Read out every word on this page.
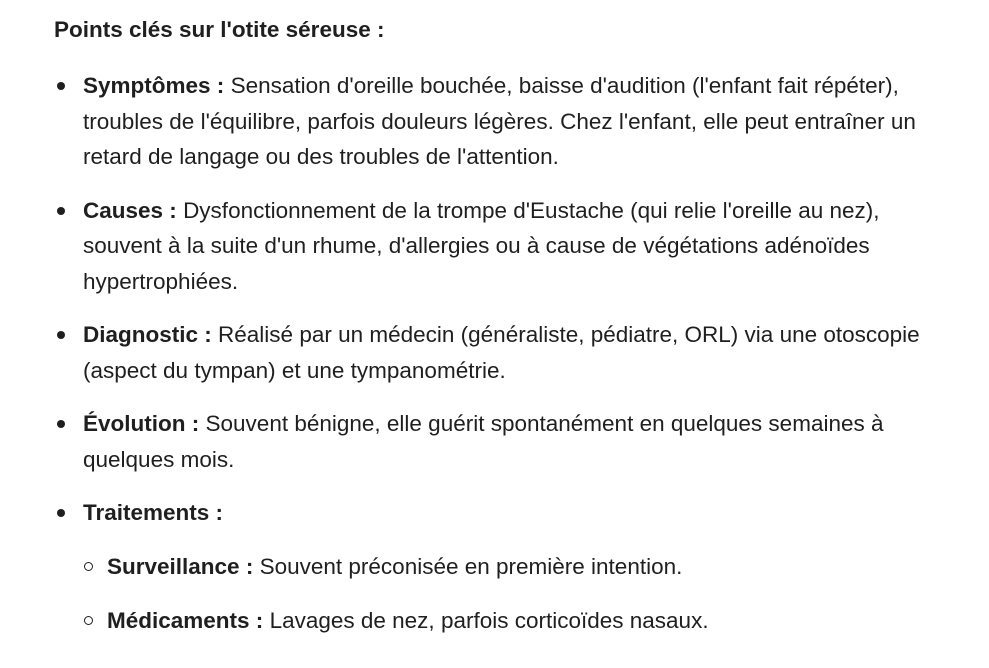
Points clés sur l'otite séreuse :
Symptômes : Sensation d'oreille bouchée, baisse d'audition (l'enfant fait répéter),
troubles de l'équilibre, parfois douleurs légères. Chez l'enfant, elle peut entraîner un
retard de langage ou des troubles de l'attention.
Causes : Dysfonctionnement de la trompe d'Eustache (qui relie l'oreille au nez),
souvent à la suite d'un rhume, d'allergies ou à cause de végétations adénoïdes
hypertrophiées.
Diagnostic : Réalisé par un médecin (généraliste, pédiatre, ORL) via une otoscopie
(aspect du tympan) et une tympanométrie.
Évolution : Souvent bénigne, elle guérit spontanément en quelques semaines à
quelques mois.
Traitements :
Surveillance : Souvent préconisée en première intention.
Médicaments : Lavages de nez, parfois corticoïdes nasaux.
